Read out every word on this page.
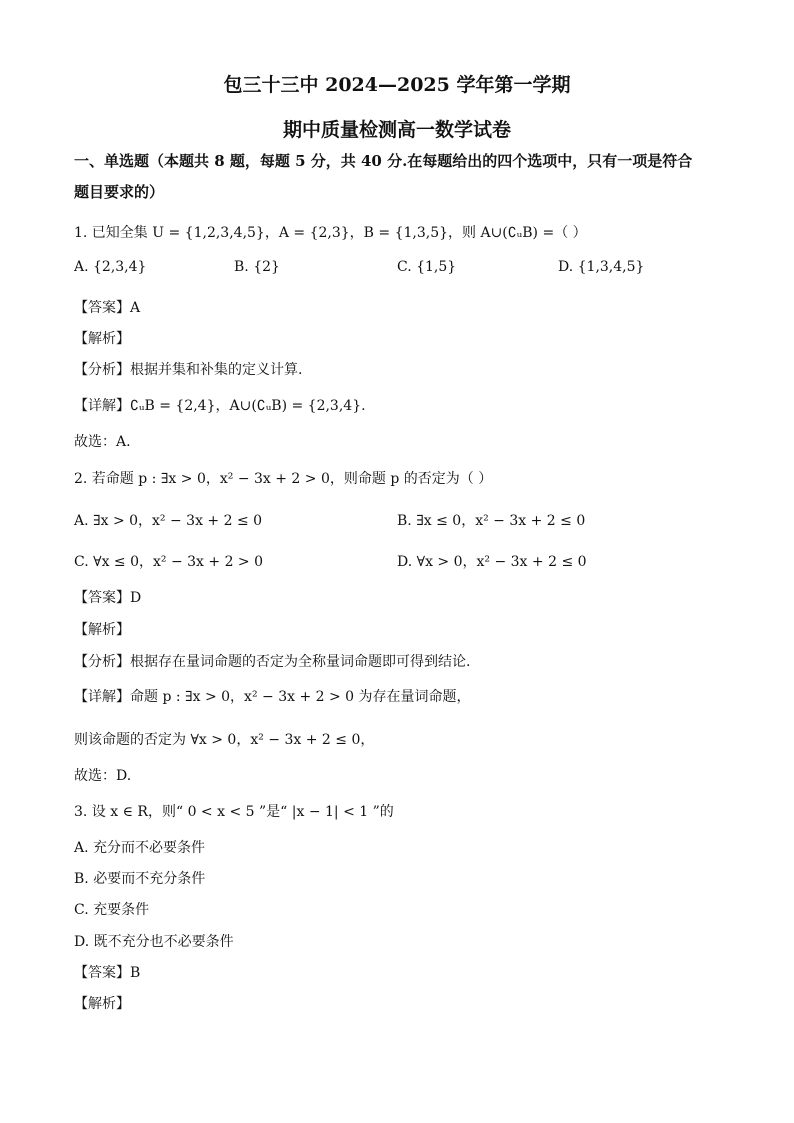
包三十三中 2024—2025 学年第一学期
期中质量检测高一数学试卷
一、单选题（本题共 8 题，每题 5 分，共 40 分.在每题给出的四个选项中，只有一项是符合
题目要求的）
1. 已知全集 U = {1,2,3,4,5}，A = {2,3}，B = {1,3,5}，则 A∪(∁ᵤB) =（ ）
A. {2,3,4}	B. {2}	C. {1,5}	D. {1,3,4,5}
【答案】A
【解析】
【分析】根据并集和补集的定义计算.
【详解】∁ᵤB = {2,4}，A∪(∁ᵤB) = {2,3,4}.
故选：A.
2. 若命题 p : ∃x > 0，x² − 3x + 2 > 0，则命题 p 的否定为（ ）
A. ∃x > 0，x² − 3x + 2 ≤ 0	B. ∃x ≤ 0，x² − 3x + 2 ≤ 0
C. ∀x ≤ 0，x² − 3x + 2 > 0	D. ∀x > 0，x² − 3x + 2 ≤ 0
【答案】D
【解析】
【分析】根据存在量词命题的否定为全称量词命题即可得到结论.
【详解】命题 p : ∃x > 0，x² − 3x + 2 > 0 为存在量词命题，
则该命题的否定为 ∀x > 0，x² − 3x + 2 ≤ 0，
故选：D.
3. 设 x ∈ R，则“ 0 < x < 5 ”是“ |x − 1| < 1 ”的
A. 充分而不必要条件
B. 必要而不充分条件
C. 充要条件
D. 既不充分也不必要条件
【答案】B
【解析】
